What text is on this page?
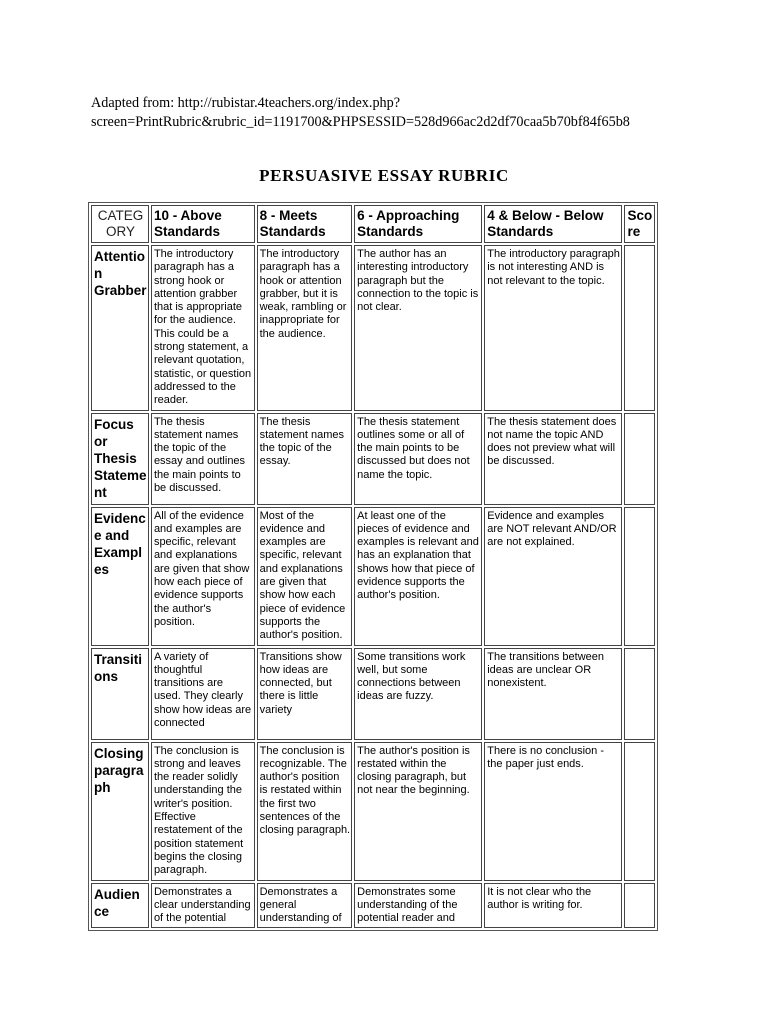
Adapted from: http://rubistar.4teachers.org/index.php?
screen=PrintRubric&rubric_id=1191700&PHPSESSID=528d966ac2d2df70caa5b70bf84f65b8
PERSUASIVE ESSAY RUBRIC
CATEGORY	10 - Above Standards	8 - Meets Standards	6 - Approaching Standards	4 & Below - Below Standards	Score
Attention Grabber	The introductory paragraph has a strong hook or attention grabber that is appropriate for the audience. This could be a strong statement, a relevant quotation, statistic, or question addressed to the reader.	The introductory paragraph has a hook or attention grabber, but it is weak, rambling or inappropriate for the audience.	The author has an interesting introductory paragraph but the connection to the topic is not clear.	The introductory paragraph is not interesting AND is not relevant to the topic.	
Focus or Thesis Statement	The thesis statement names the topic of the essay and outlines the main points to be discussed.	The thesis statement names the topic of the essay.	The thesis statement outlines some or all of the main points to be discussed but does not name the topic.	The thesis statement does not name the topic AND does not preview what will be discussed.	
Evidence and Examples	All of the evidence and examples are specific, relevant and explanations are given that show how each piece of evidence supports the author's position.	Most of the evidence and examples are specific, relevant and explanations are given that show how each piece of evidence supports the author's position.	At least one of the pieces of evidence and examples is relevant and has an explanation that shows how that piece of evidence supports the author's position.	Evidence and examples are NOT relevant AND/OR are not explained.	
Transitions	A variety of thoughtful transitions are used. They clearly show how ideas are connected	Transitions show how ideas are connected, but there is little variety	Some transitions work well, but some connections between ideas are fuzzy.	The transitions between ideas are unclear OR nonexistent.	
Closing paragraph	The conclusion is strong and leaves the reader solidly understanding the writer's position. Effective restatement of the position statement begins the closing paragraph.	The conclusion is recognizable. The author's position is restated within the first two sentences of the closing paragraph.	The author's position is restated within the closing paragraph, but not near the beginning.	There is no conclusion - the paper just ends.	
Audience	Demonstrates a clear understanding of the potential	Demonstrates a general understanding of	Demonstrates some understanding of the potential reader and	It is not clear who the author is writing for.	
